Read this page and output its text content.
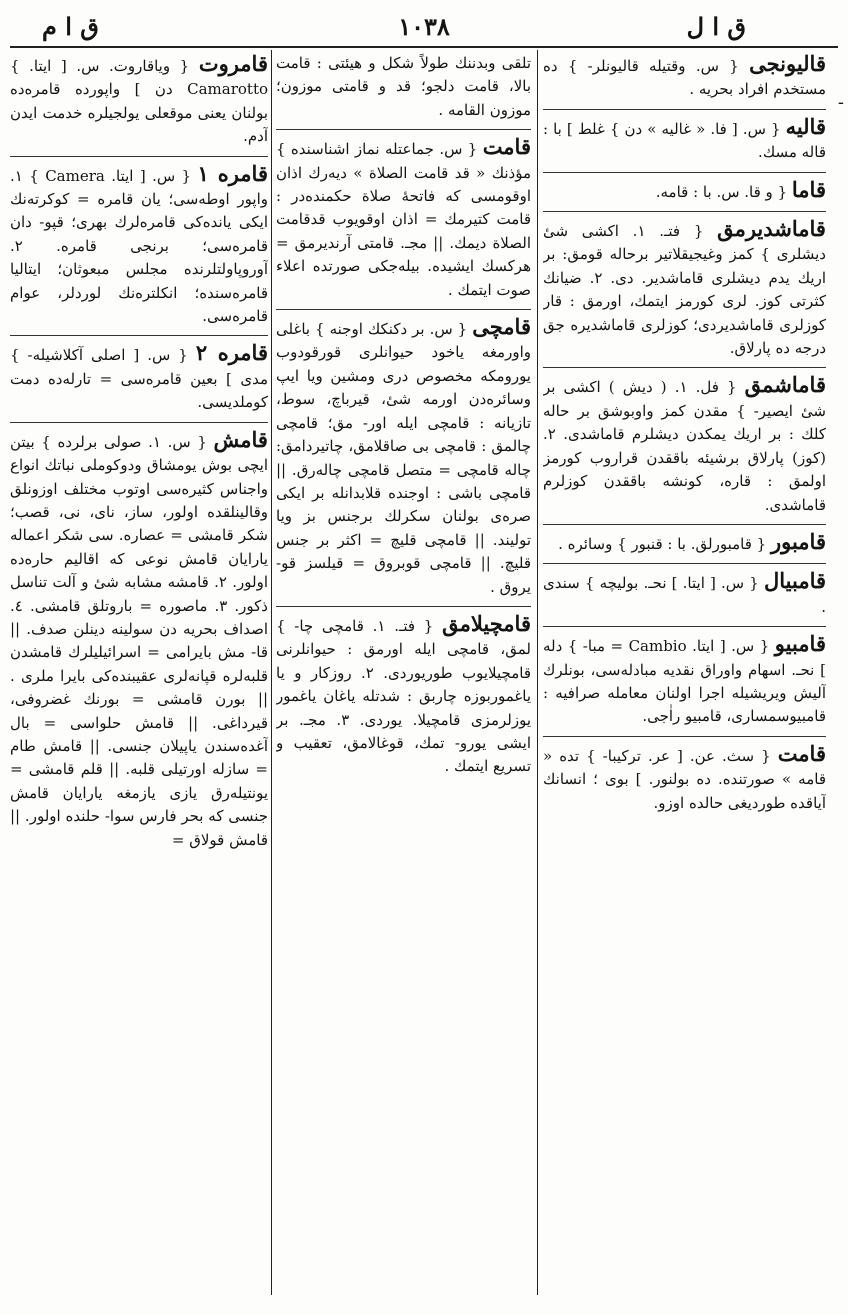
ق ا ل
١٠٣٨
ق ا م
-
قالیونجی { س. وقتیله قالیونلر- } ده مستخدم افراد بحریه .
قالیه { س. [ فا. « غالیه » دن } غلط ] با : قاله مسك.
قاما { و قا. س. با : قامه.
قاماشدیرمق { فتـ. ١. اکشی شیٔ دیشلری } کمز وغیجیقلاتیر برحاله قومق: بر اریك یدم دیشلری قاماشدیر. دی. ٢. ضیانك کثرتی کوز. لری کورمز ایتمك، اورمق : قار کوزلری قاماشدیردی؛ کوزلری قاماشدیره جق درجه ده پارلاق.
قاماشمق { فل. ١. ( دیش ) اکشی بر شیٔ ایصیر- } مقدن کمز واوبوشق بر حاله کلك : بر اریك یمکدن دیشلرم قاماشدی. ٢. (کوز) پارلاق برشیئه باققدن قراروب کورمز اولمق : قاره، کونشه باققدن کوزلرم قاماشدی.
قامبور { قامبورلق. با : قنبور } وسائره .
قامبیال { س. [ ایتا. ] نحـ. بولیچه } سندی .
قامبیو { س. [ ایتا. Cambio = مبا- } دله ] نحـ. اسهام واوراق نقدیه مبادله‌سی، بونلرك آلیش ویریشیله اجرا اولنان معامله صرافیه : قامبیوسمساری، قامبیو راٰجی.
قامت { سث. عن. [ عر. ترکیبا- } تده « قامه » صورتنده. ده بولنور. ] بوی ؛ انسانك آیاقده طوردیغی حالده اوزو.
تلقی وبدننك طولاً شکل و هیئتی : قامت بالا، قامت دلجو؛ قد و قامتی موزون؛ موزون القامه .
قامت { س. جماعتله نماز اشناسنده } مؤذنك « قد قامت الصلاة » دیه‌رك اذان اوقومسی که فاتحهٔ صلاة حکمنده‌در : قامت کتیرمك = اذان اوقویوب قدقامت الصلاة دیمك. || مجـ. قامتی آرندیرمق = هرکسك ایشیده. بیله‌جکی صورتده اعلاء صوت ایتمك .
قامچی { س. بر دکنکك اوجنه } باغلی واورمغه یاخود حیوانلری قورقودوب یورومکه مخصوص دری ومشین ویا ایپ وسائره‌دن اورمه شیٔ، قیرباچ، سوط، تازیانه : قامچی ایله اور- مق؛ قامچی چالمق : قامچی بی صاقلامق، چاتیردامق: چاله قامچی = متصل قامچی چاله‌رق. || قامچی باشی : اوجنده قلابدانله بر ایکی صره‌ی بولنان سکرلك برجنس بز ویا تولیند. || قامچی قلیچ = اکثر بر جنس قلیچ. || قامچی قوبروق = قیلسز قو- یروق .
قامچیلامق { فتـ. ١. قامچی چا- } لمق، قامچی ایله اورمق : حیوانلرنی قامچیلایوب طوریوردی. ٢. روزکار و یا یاغموربوزه چاربق : شدتله یاغان یاغمور یوزلرمزی قامچیلا. یوردی. ٣. مجـ. بر ایشی یورو- تمك، قوغالامق، تعقیب و تسریع ایتمك .
قامروت { ویاقاروت. س. [ ایتا. } Camarotto دن ] واپورده قامره‌ده بولنان یعنی موقعلی یولجیلره خدمت ایدن آدم.
قامره ١ { س. [ ایتا. Camera } ١. واپور اوطه‌سی؛ یان قامره = کوکرته‌نك ایکی یانده‌کی قامره‌لرك بهری؛ قپو- دان قامره‌سی؛ برنجی قامره. ٢. آوروپاولتلرنده مجلس مبعوثان؛ ایتالیا قامره‌سنده؛ انکلتره‌نك لوردلر، عوام قامره‌سی.
قامره ٢ { س. [ اصلی آکلاشیله- } مدی ] بعین قامره‌سی = تارله‌ده دمت کوملدیسی.
قامش { س. ١. صولی برلرده } بیتن ایچی بوش یومشاق ودوکوملی نباتك انواع واجناس کثیره‌سی اوتوب مختلف اوزونلق وقالینلقده اولور، ساز، نای، نی، قصب؛ شکر قامشی = عصاره‌. سی شکر اعماله یارایان قامش نوعی که اقالیم حاره‌ده اولور. ٢. قامشه مشابه شیٔ و آلت تناسل ذکور. ٣. ماصوره = باروتلق قامشی. ٤. اصداف بحریه دن سولینه دینلن صدف. || قا- مش بایرامی = اسرائیلیلرك قامشدن قلبه‌لره قپانه‌لری عقیبنده‌کی بایرا ملری . || بورن قامشی = بورنك غضروفی، قیرداغی. || قامش حلواسی = بال آغده‌سندن یاپیلان جنسی. || قامش طام = سازله اورتیلی قلبه. || قلم قامشی = یونتیله‌رق یازی یازمغه یارایان قامش جنسی که بحر فارس سوا- حلنده اولور. || قامش قولاق =
